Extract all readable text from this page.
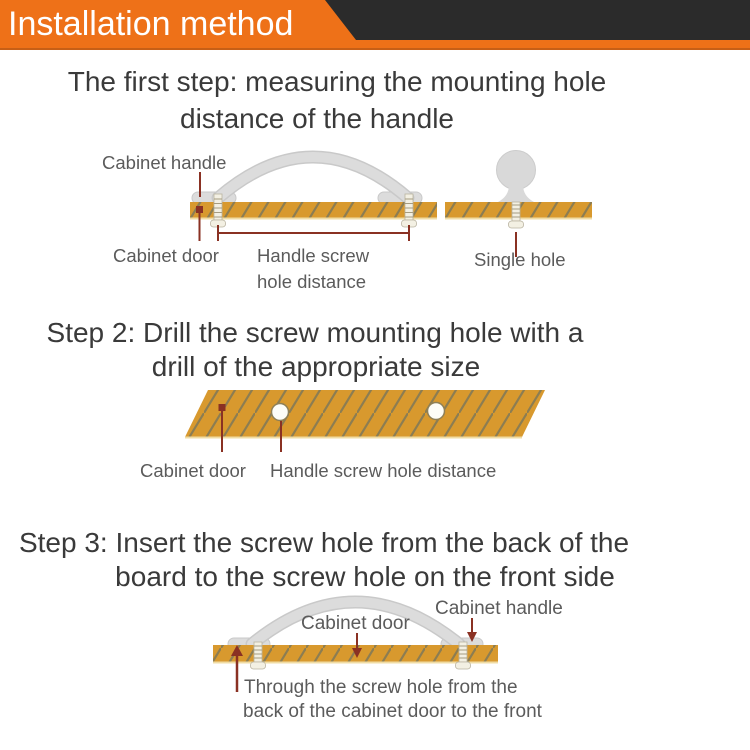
Installation method
The first step: measuring the mounting hole
distance of the handle
Cabinet handle
Cabinet door Handle screw
hole distance
Single hole
Step 2: Drill the screw mounting hole with a
drill of the appropriate size
Cabinet door Handle screw hole distance
Step 3: Insert the screw hole from the back of the
board to the screw hole on the front side
Cabinet door
Cabinet handle
Through the screw hole from the
back of the cabinet door to the front
